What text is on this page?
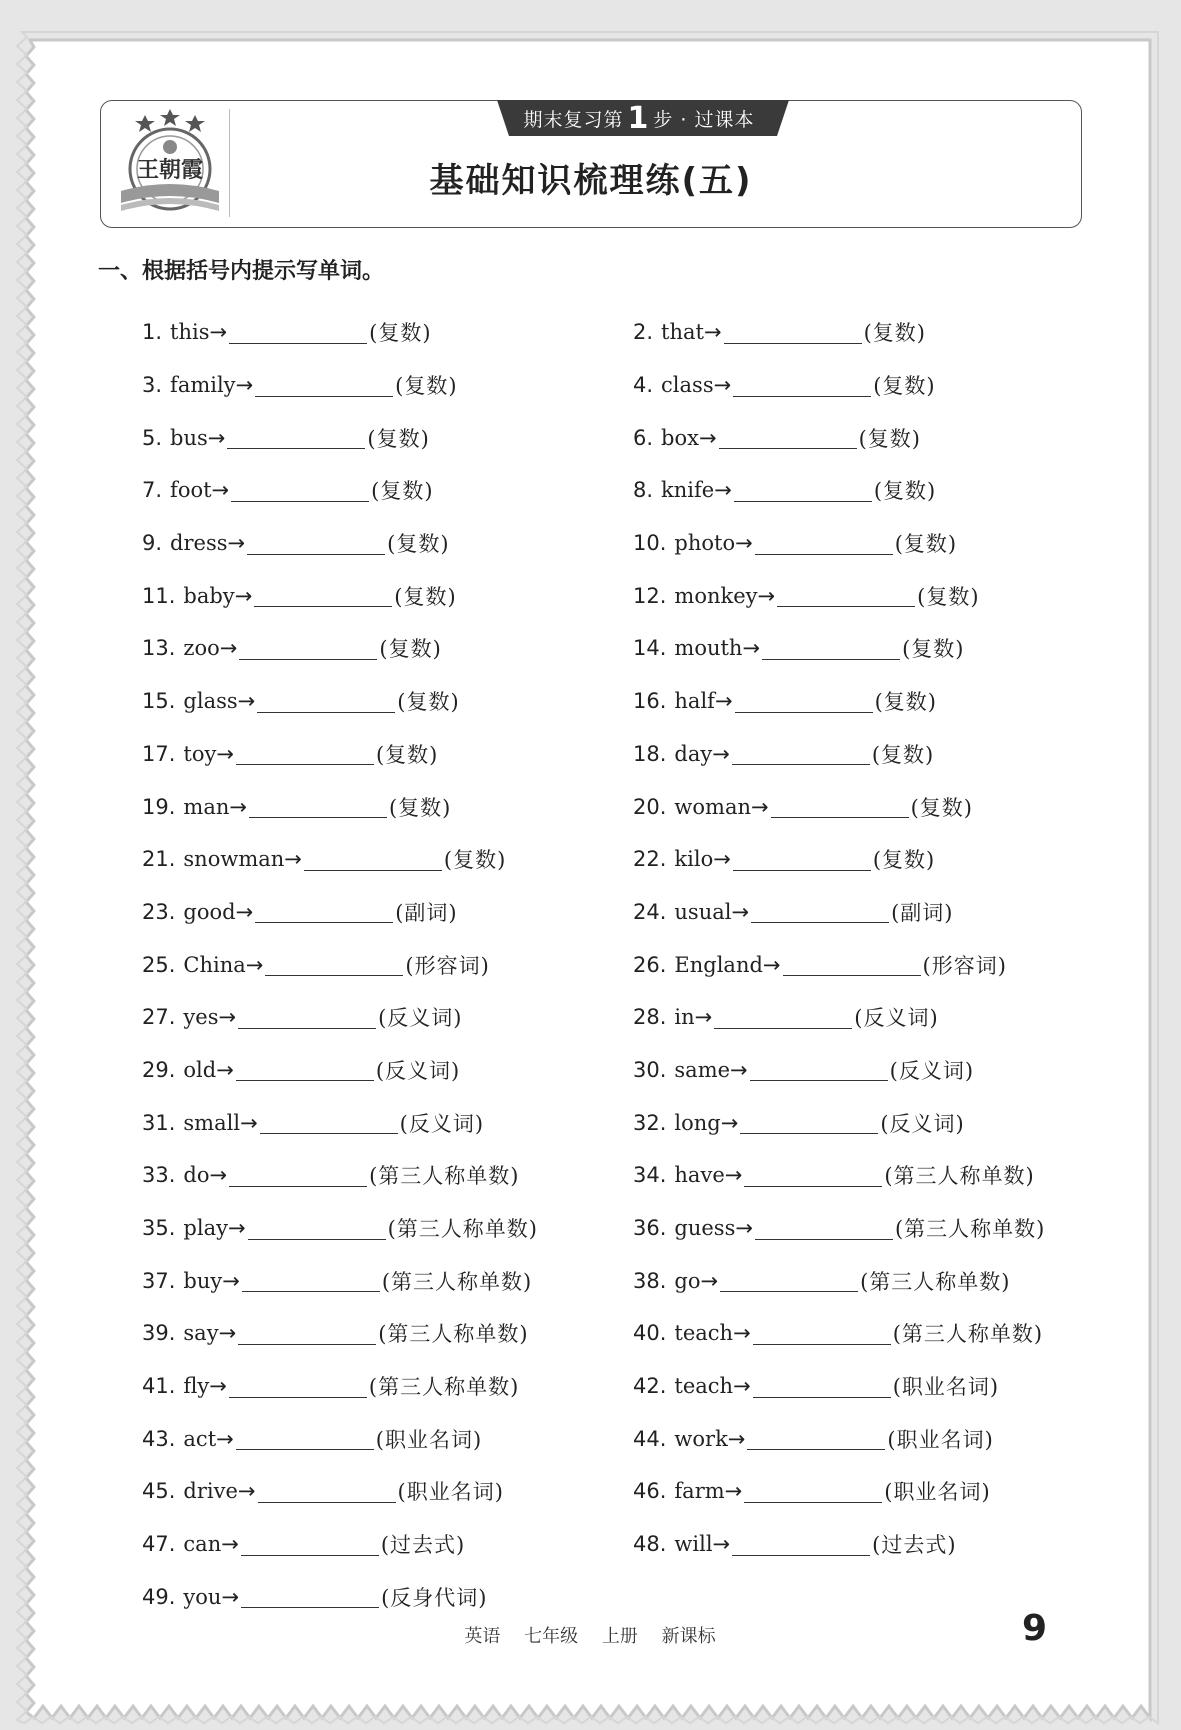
王朝霞
期末复习第 1 步 · 过课本
基础知识梳理练(五)
一、根据括号内提示写单词。
1. this →	(复数)	2. that →	(复数)
3. family →	(复数)	4. class →	(复数)
5. bus →	(复数)	6. box →	(复数)
7. foot →	(复数)	8. knife →	(复数)
9. dress →	(复数)	10. photo →	(复数)
11. baby →	(复数)	12. monkey →	(复数)
13. zoo →	(复数)	14. mouth →	(复数)
15. glass →	(复数)	16. half →	(复数)
17. toy →	(复数)	18. day →	(复数)
19. man →	(复数)	20. woman →	(复数)
21. snowman →	(复数)	22. kilo →	(复数)
23. good →	(副词)	24. usual →	(副词)
25. China →	(形容词)	26. England →	(形容词)
27. yes →	(反义词)	28. in →	(反义词)
29. old →	(反义词)	30. same →	(反义词)
31. small →	(反义词)	32. long →	(反义词)
33. do →	(第三人称单数)	34. have →	(第三人称单数)
35. play →	(第三人称单数)	36. guess →	(第三人称单数)
37. buy →	(第三人称单数)	38. go →	(第三人称单数)
39. say →	(第三人称单数)	40. teach →	(第三人称单数)
41. fly →	(第三人称单数)	42. teach →	(职业名词)
43. act →	(职业名词)	44. work →	(职业名词)
45. drive →	(职业名词)	46. farm →	(职业名词)
47. can →	(过去式)	48. will →	(过去式)
49. you →	(反身代词)
英语 七年级 上册 新课标	9
